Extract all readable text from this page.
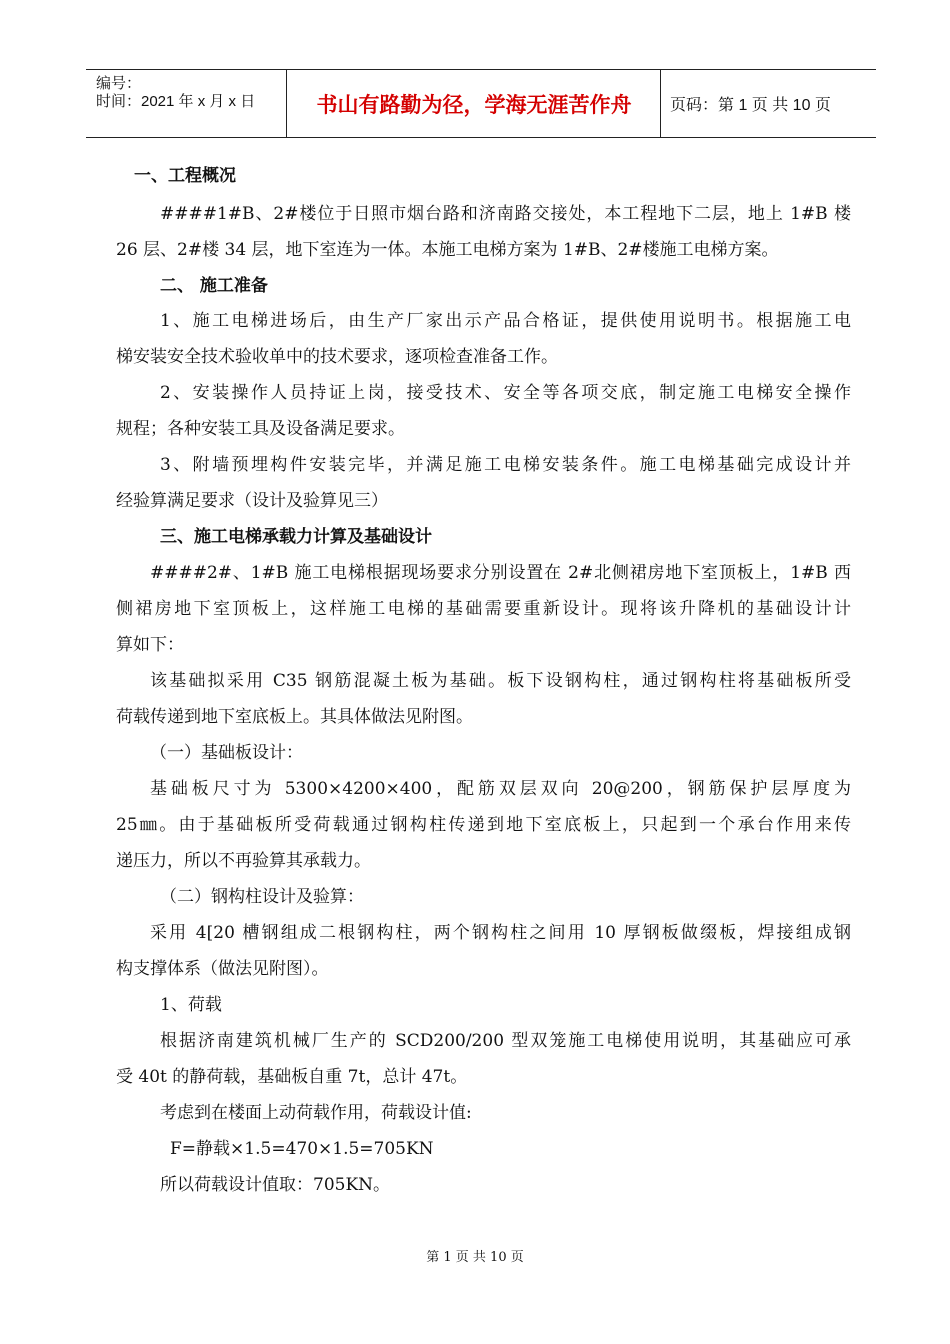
编号：
时间：2021 年 x 月 x 日	书山有路勤为径，学海无涯苦作舟 页码：第 1 页 共 10 页
一、工程概况
####1#B、2#楼位于日照市烟台路和济南路交接处，本工程地下二层，地上 1#B 楼
26 层、2#楼 34 层，地下室连为一体。本施工电梯方案为 1#B、2#楼施工电梯方案。
二、 施工准备
1、施工电梯进场后，由生产厂家出示产品合格证，提供使用说明书。根据施工电
梯安装安全技术验收单中的技术要求，逐项检查准备工作。
2、安装操作人员持证上岗，接受技术、安全等各项交底，制定施工电梯安全操作
规程；各种安装工具及设备满足要求。
3、附墙预埋构件安装完毕，并满足施工电梯安装条件。施工电梯基础完成设计并
经验算满足要求（设计及验算见三）
三、施工电梯承载力计算及基础设计
####2#、1#B 施工电梯根据现场要求分别设置在 2#北侧裙房地下室顶板上，1#B 西
侧裙房地下室顶板上，这样施工电梯的基础需要重新设计。现将该升降机的基础设计计
算如下：
该基础拟采用 C35 钢筋混凝土板为基础。板下设钢构柱，通过钢构柱将基础板所受
荷载传递到地下室底板上。其具体做法见附图。
（一）基础板设计：
基础板尺寸为 5300×4200×400，配筋双层双向 20@200，钢筋保护层厚度为
25㎜。由于基础板所受荷载通过钢构柱传递到地下室底板上，只起到一个承台作用来传
递压力，所以不再验算其承载力。
（二）钢构柱设计及验算：
采用 4[20 槽钢组成二根钢构柱，两个钢构柱之间用 10 厚钢板做缀板，焊接组成钢
构支撑体系（做法见附图）。
1、荷载
根据济南建筑机械厂生产的 SCD200/200 型双笼施工电梯使用说明，其基础应可承
受 40t 的静荷载，基础板自重 7t，总计 47t。
考虑到在楼面上动荷载作用，荷载设计值:
F=静载×1.5=470×1.5=705KN
所以荷载设计值取：705KN。
第 1 页 共 10 页
